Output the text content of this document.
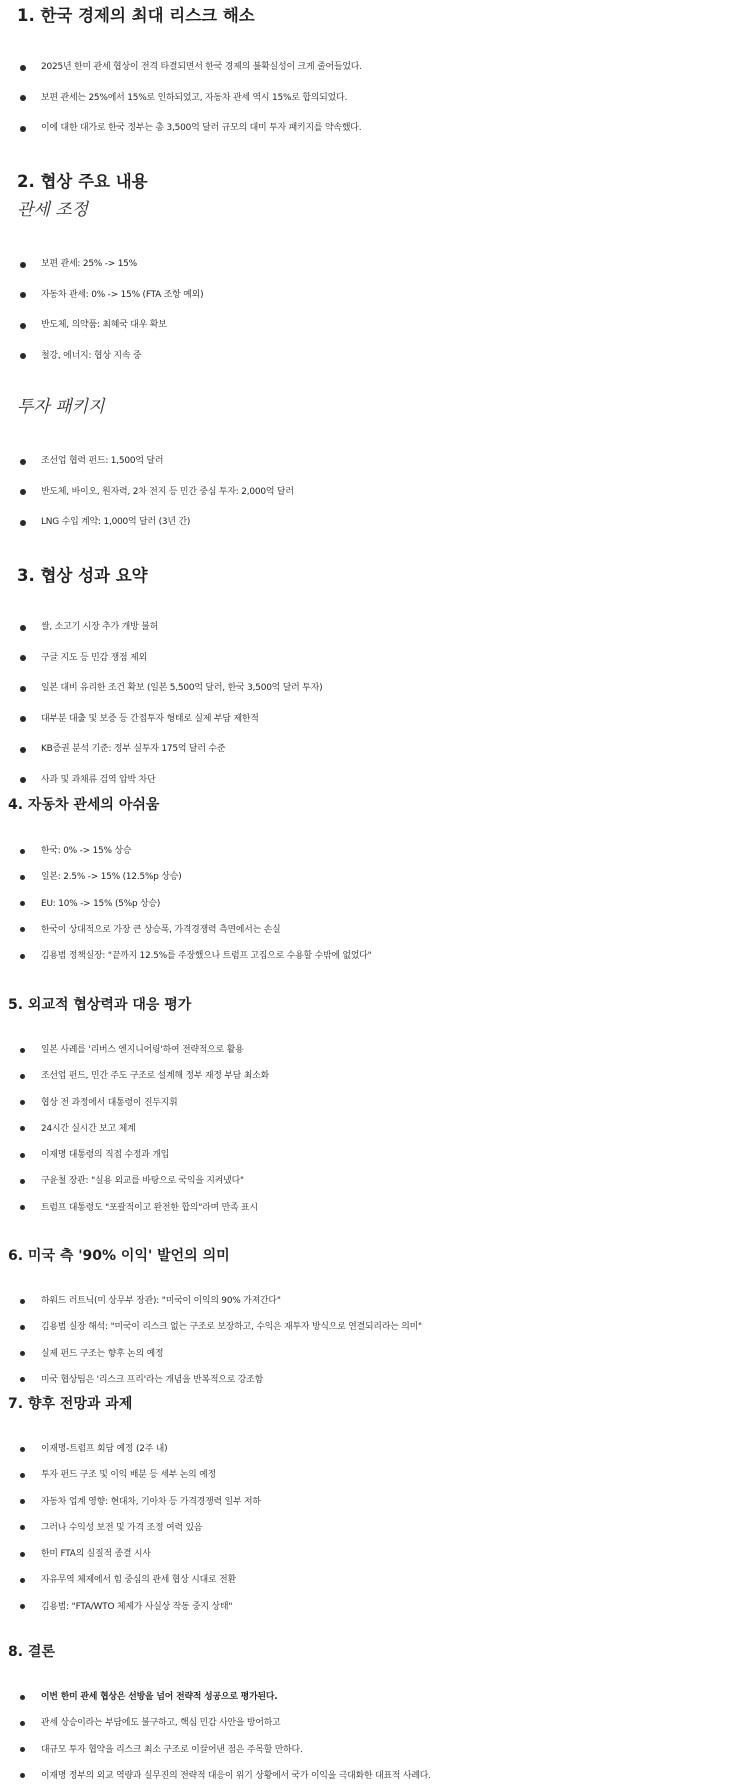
1. 한국 경제의 최대 리스크 해소
2025년 한미 관세 협상이 전격 타결되면서 한국 경제의 불확실성이 크게 줄어들었다.
보편 관세는 25%에서 15%로 인하되었고, 자동차 관세 역시 15%로 합의되었다.
이에 대한 대가로 한국 정부는 총 3,500억 달러 규모의 대미 투자 패키지를 약속했다.
2. 협상 주요 내용

관세 조정

보편 관세: 25% -> 15%
자동차 관세: 0% -> 15% (FTA 조항 예외)
반도체, 의약품: 최혜국 대우 확보
철강, 에너지: 협상 지속 중

투자 패키지

조선업 협력 펀드: 1,500억 달러
반도체, 바이오, 원자력, 2차 전지 등 민간 중심 투자: 2,000억 달러
LNG 수입 계약: 1,000억 달러 (3년 간)
3. 협상 성과 요약
쌀, 소고기 시장 추가 개방 불허
구글 지도 등 민감 쟁점 제외
일본 대비 유리한 조건 확보 (일본 5,500억 달러, 한국 3,500억 달러 투자)
대부분 대출 및 보증 등 간접투자 형태로 실제 부담 제한적
KB증권 분석 기준: 정부 실투자 175억 달러 수준
사과 및 과채류 검역 압박 차단
4. 자동차 관세의 아쉬움
한국: 0% -> 15% 상승
일본: 2.5% -> 15% (12.5%p 상승)
EU: 10% -> 15% (5%p 상승)
한국이 상대적으로 가장 큰 상승폭, 가격경쟁력 측면에서는 손실
김용범 정책실장: "끝까지 12.5%를 주장했으나 트럼프 고집으로 수용할 수밖에 없었다"
5. 외교적 협상력과 대응 평가
일본 사례를 '리버스 엔지니어링'하여 전략적으로 활용
조선업 펀드, 민간 주도 구조로 설계해 정부 재정 부담 최소화
협상 전 과정에서 대통령이 진두지휘
24시간 실시간 보고 체계
이재명 대통령의 직접 수정과 개입
구윤철 장관: "실용 외교를 바탕으로 국익을 지켜냈다"
트럼프 대통령도 "포괄적이고 완전한 합의"라며 만족 표시
6. 미국 측 '90% 이익' 발언의 의미
하워드 러트닉(미 상무부 장관): "미국이 이익의 90% 가져간다"
김용범 실장 해석: "미국이 리스크 없는 구조로 보장하고, 수익은 재투자 방식으로 연결되리라는 의미"
실제 펀드 구조는 향후 논의 예정
미국 협상팀은 '리스크 프리'라는 개념을 반복적으로 강조함
7. 향후 전망과 과제
이재명-트럼프 회담 예정 (2주 내)
투자 펀드 구조 및 이익 배분 등 세부 논의 예정
자동차 업계 영향: 현대차, 기아차 등 가격경쟁력 일부 저하
그러나 수익성 보전 및 가격 조정 여력 있음
한미 FTA의 실질적 종결 시사
자유무역 체제에서 힘 중심의 관세 협상 시대로 전환
김용범: "FTA/WTO 체제가 사실상 작동 중지 상태"
8. 결론
이번 한미 관세 협상은 선방을 넘어 전략적 성공으로 평가된다.
관세 상승이라는 부담에도 불구하고, 핵심 민감 사안을 방어하고
대규모 투자 협약을 리스크 최소 구조로 이끌어낸 점은 주목할 만하다.
이재명 정부의 외교 역량과 실무진의 전략적 대응이 위기 상황에서 국가 이익을 극대화한 대표적 사례다.
